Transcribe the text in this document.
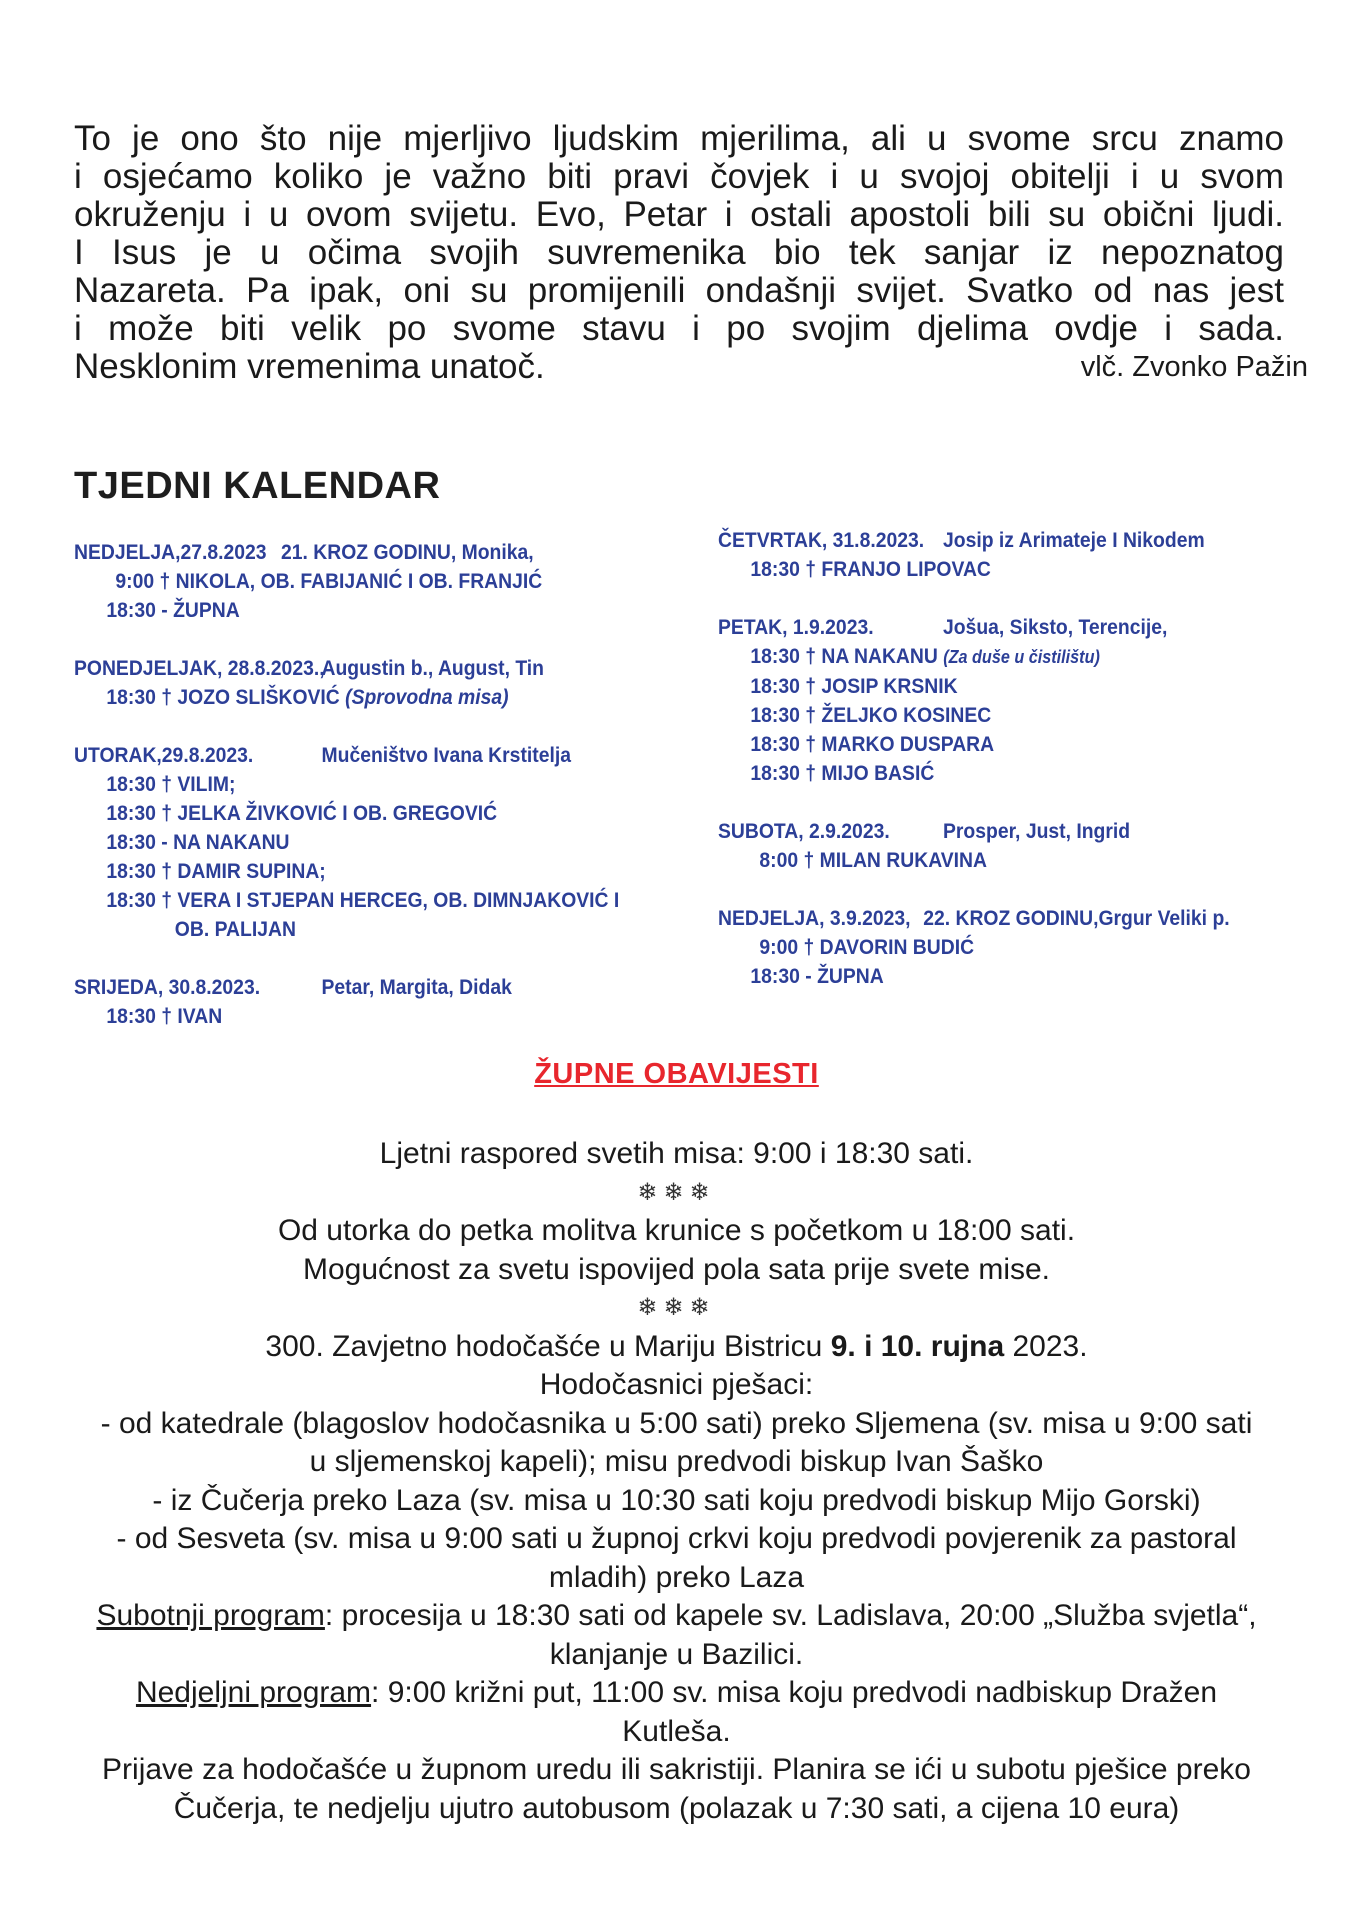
To je ono što nije mjerljivo ljudskim mjerilima, ali u svome srcu znamo
i osjećamo koliko je važno biti pravi čovjek i u svojoj obitelji i u svom
okruženju i u ovom svijetu. Evo, Petar i ostali apostoli bili su obični ljudi.
I Isus je u očima svojih suvremenika bio tek sanjar iz nepoznatog
Nazareta. Pa ipak, oni su promijenili ondašnji svijet. Svatko od nas jest
i može biti velik po svome stavu i po svojim djelima ovdje i sada.
Nesklonim vremenima unatoč.	vlč. Zvonko Pažin
TJEDNI KALENDAR
NEDJELJA,27.8.2023 21. KROZ GODINU, Monika,
9:00 † NIKOLA, OB. FABIJANIĆ I OB. FRANJIĆ
18:30 - ŽUPNA
PONEDJELJAK, 28.8.2023.,
Augustin b., August, Tin
18:30 † JOZO SLIŠKOVIĆ (Sprovodna misa)
UTORAK,29.8.2023.	Mučeništvo Ivana Krstitelja
18:30 † VILIM;
18:30 † JELKA ŽIVKOVIĆ I OB. GREGOVIĆ
18:30 - NA NAKANU
18:30 † DAMIR SUPINA;
18:30 † VERA I STJEPAN HERCEG, OB. DIMNJAKOVIĆ I
OB. PALIJAN
SRIJEDA, 30.8.2023.	Petar, Margita, Didak
18:30 † IVAN
ČETVRTAK, 31.8.2023. Josip iz Arimateje I Nikodem
18:30 † FRANJO LIPOVAC
PETAK, 1.9.2023.	Jošua, Siksto, Terencije,
18:30 † NA NAKANU (Za duše u čistilištu)
18:30 † JOSIP KRSNIK
18:30 † ŽELJKO KOSINEC
18:30 † MARKO DUSPARA
18:30 † MIJO BASIĆ
SUBOTA, 2.9.2023. Prosper, Just, Ingrid
8:00 † MILAN RUKAVINA
NEDJELJA, 3.9.2023, 22. KROZ GODINU,Grgur Veliki p.
9:00 † DAVORIN BUDIĆ
18:30 - ŽUPNA
ŽUPNE OBAVIJESTI
Ljetni raspored svetih misa: 9:00 i 18:30 sati.
❄❄❄
Od utorka do petka molitva krunice s početkom u 18:00 sati.
Mogućnost za svetu ispovijed pola sata prije svete mise.
❄❄❄
300. Zavjetno hodočašće u Mariju Bistricu 9. i 10. rujna 2023.
Hodočasnici pješaci:
- od katedrale (blagoslov hodočasnika u 5:00 sati) preko Sljemena (sv. misa u 9:00 sati
u sljemenskoj kapeli); misu predvodi biskup Ivan Šaško
- iz Čučerja preko Laza (sv. misa u 10:30 sati koju predvodi biskup Mijo Gorski)
- od Sesveta (sv. misa u 9:00 sati u župnoj crkvi koju predvodi povjerenik za pastoral
mladih) preko Laza
Subotnji program: procesija u 18:30 sati od kapele sv. Ladislava, 20:00 „Služba svjetla“,
klanjanje u Bazilici.
Nedjeljni program: 9:00 križni put, 11:00 sv. misa koju predvodi nadbiskup Dražen
Kutleša.
Prijave za hodočašće u župnom uredu ili sakristiji. Planira se ići u subotu pješice preko
Čučerja, te nedjelju ujutro autobusom (polazak u 7:30 sati, a cijena 10 eura)
